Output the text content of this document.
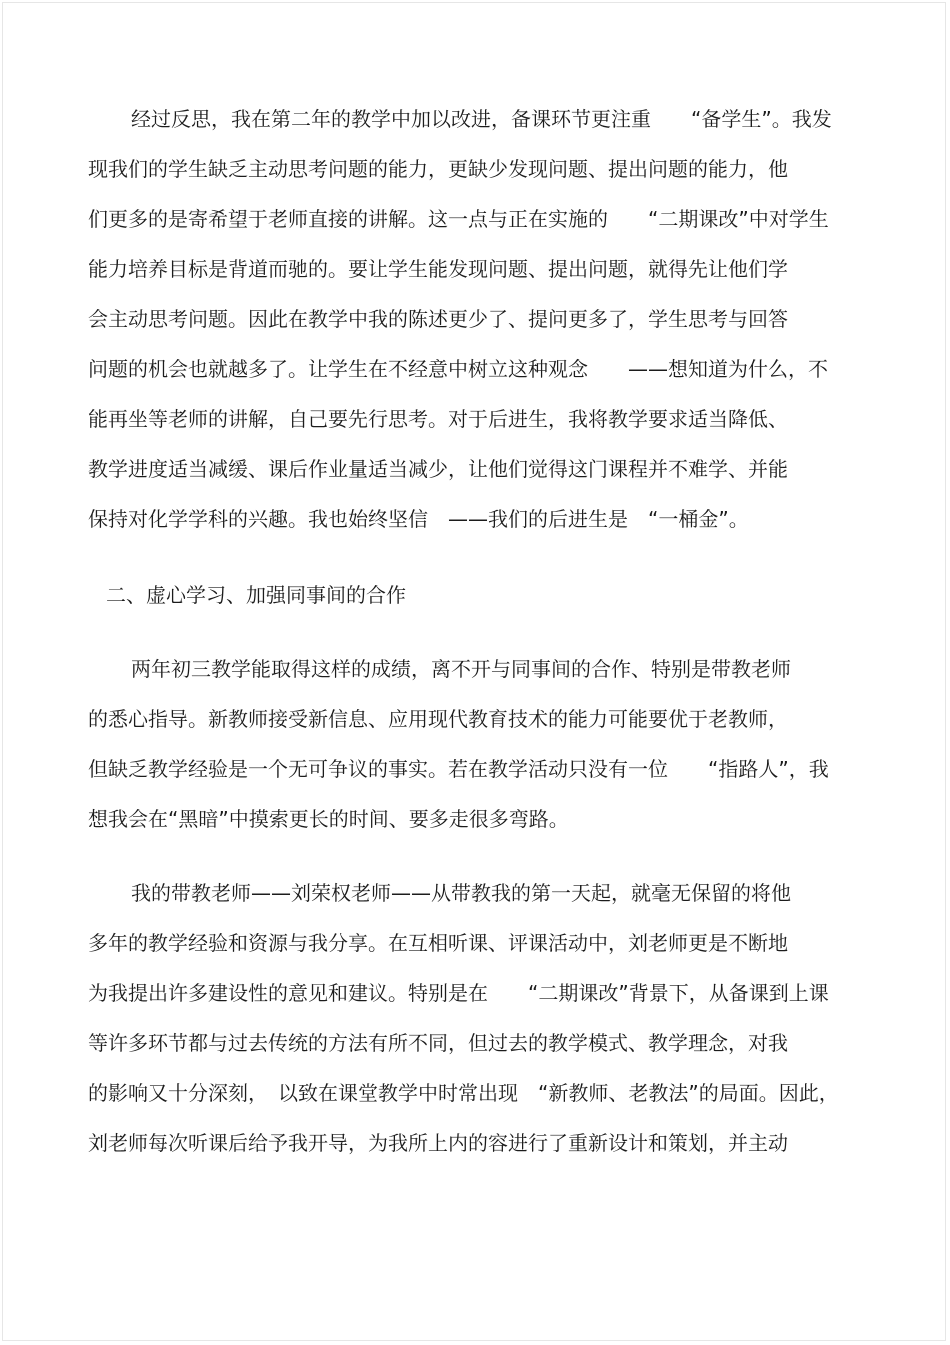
经过反思，我在第二年的教学中加以改进，备课环节更注重　　“备学生”。我发
现我们的学生缺乏主动思考问题的能力，更缺少发现问题、提出问题的能力，他
们更多的是寄希望于老师直接的讲解。这一点与正在实施的　　“二期课改”中对学生
能力培养目标是背道而驰的。要让学生能发现问题、提出问题，就得先让他们学
会主动思考问题。因此在教学中我的陈述更少了、提问更多了，学生思考与回答
问题的机会也就越多了。让学生在不经意中树立这种观念　　——想知道为什么，不
能再坐等老师的讲解，自己要先行思考。对于后进生，我将教学要求适当降低、
教学进度适当减缓、课后作业量适当减少，让他们觉得这门课程并不难学、并能
保持对化学学科的兴趣。我也始终坚信　——我们的后进生是　“一桶金”。
二、虚心学习、加强同事间的合作
两年初三教学能取得这样的成绩，离不开与同事间的合作、特别是带教老师
的悉心指导。新教师接受新信息、应用现代教育技术的能力可能要优于老教师，
但缺乏教学经验是一个无可争议的事实。若在教学活动只没有一位　　“指路人”，我
想我会在“黑暗”中摸索更长的时间、要多走很多弯路。
我的带教老师——刘荣权老师——从带教我的第一天起，就毫无保留的将他
多年的教学经验和资源与我分享。在互相听课、评课活动中，刘老师更是不断地
为我提出许多建设性的意见和建议。特别是在　　“二期课改”背景下，从备课到上课
等许多环节都与过去传统的方法有所不同，但过去的教学模式、教学理念，对我
的影响又十分深刻，　以致在课堂教学中时常出现　“新教师、老教法”的局面。因此，
刘老师每次听课后给予我开导，为我所上内的容进行了重新设计和策划，并主动
